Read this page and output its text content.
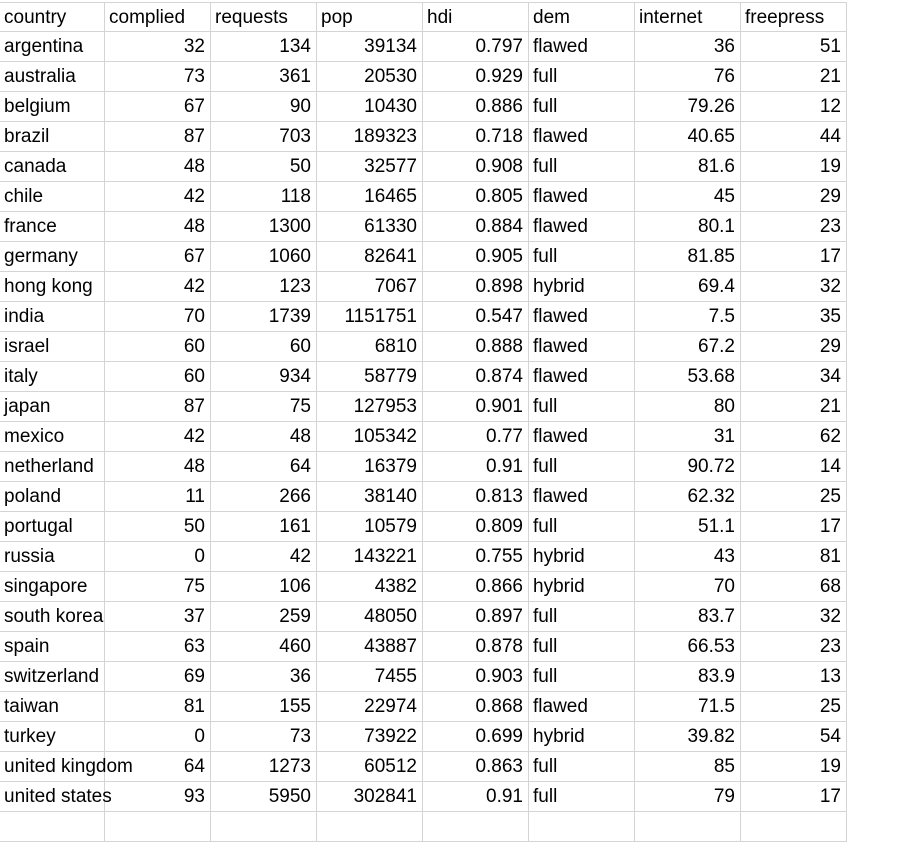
country	complied	requests	pop	hdi	dem	internet	freepress
argentina	32	134	39134	0.797 flawed	36	51
australia	73	361	20530	0.929 full	76	21
belgium	67	90	10430	0.886 full	79.26	12
brazil	87	703	189323	0.718 flawed	40.65	44
canada	48	50	32577	0.908 full	81.6	19
chile	42	118	16465	0.805 flawed	45	29
france	48	1300	61330	0.884 flawed	80.1	23
germany	67	1060	82641	0.905 full	81.85	17
hong kong	42	123	7067	0.898 hybrid	69.4	32
india	70	1739	1151751	0.547 flawed	7.5	35
israel	60	60	6810	0.888 flawed	67.2	29
italy	60	934	58779	0.874 flawed	53.68	34
japan	87	75	127953	0.901 full	80	21
mexico	42	48	105342	0.77 flawed	31	62
netherland	48	64	16379	0.91 full	90.72	14
poland	11	266	38140	0.813 flawed	62.32	25
portugal	50	161	10579	0.809 full	51.1	17
russia	0	42	143221	0.755 hybrid	43	81
singapore	75	106	4382	0.866 hybrid	70	68
south korea	37	259	48050	0.897 full	83.7	32
spain	63	460	43887	0.878 full	66.53	23
switzerland	69	36	7455	0.903 full	83.9	13
taiwan	81	155	22974	0.868 flawed	71.5	25
turkey	0	73	73922	0.699 hybrid	39.82	54
united kingdom	64	1273	60512	0.863 full	85	19
united states	93	5950	302841	0.91 full	79	17
